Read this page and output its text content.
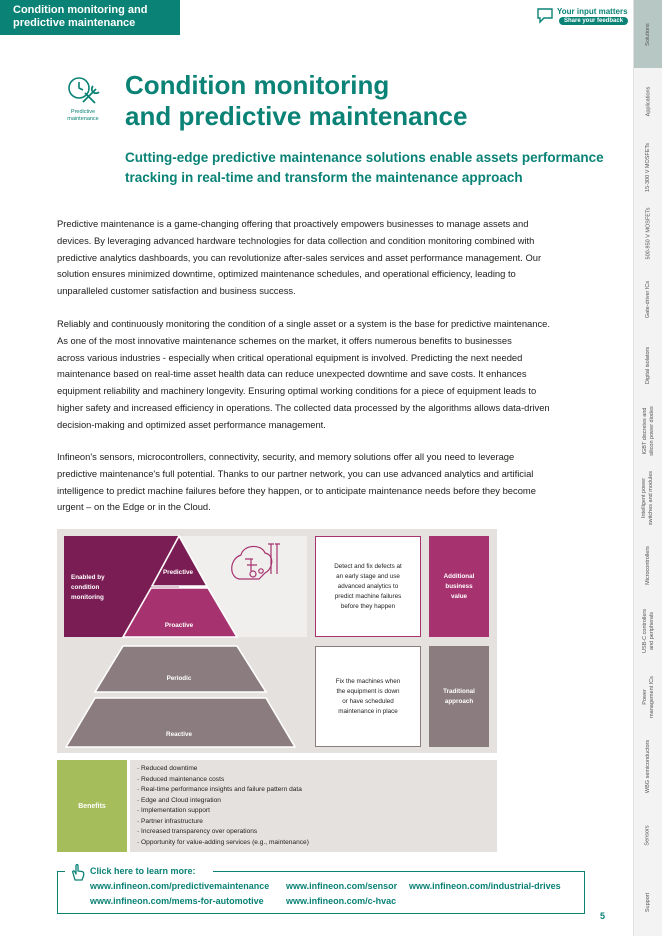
Condition monitoring and
predictive maintenance
Your input matters
Share your feedback
Solutions
Applications
15-300 V MOSFETs
500-950 V MOSFETs
Gate-driver ICs
Digital isolators
IGBT discretes and silicon power diodes
Intelligent power switches and modules
Microcontrollers
USB-C controllers and peripherals
Power management ICs
WBG semiconductors
Sensors
Support
Predictive
maintenance
Condition monitoring
and predictive maintenance
Cutting-edge predictive maintenance solutions enable assets performance
tracking in real-time and transform the maintenance approach
Predictive maintenance is a game-changing offering that proactively empowers businesses to manage assets and
devices. By leveraging advanced hardware technologies for data collection and condition monitoring combined with
predictive analytics dashboards, you can revolutionize after-sales services and asset performance management. Our
solution ensures minimized downtime, optimized maintenance schedules, and operational efficiency, leading to
unparalleled customer satisfaction and business success.
Reliably and continuously monitoring the condition of a single asset or a system is the base for predictive maintenance.
As one of the most innovative maintenance schemes on the market, it offers numerous benefits to businesses
across various industries - especially when critical operational equipment is involved. Predicting the next needed
maintenance based on real-time asset health data can reduce unexpected downtime and save costs. It enhances
equipment reliability and machinery longevity. Ensuring optimal working conditions for a piece of equipment leads to
higher safety and increased efficiency in operations. The collected data processed by the algorithms allows data-driven
decision-making and optimized asset performance management.
Infineon's sensors, microcontrollers, connectivity, security, and memory solutions offer all you need to leverage
predictive maintenance's full potential. Thanks to our partner network, you can use advanced analytics and artificial
intelligence to predict machine failures before they happen, or to anticipate maintenance needs before they become
urgent – on the Edge or in the Cloud.
Enabled by
condition
monitoring
Predictive
Proactive
Periodic
Reactive
Detect and fix defects at
an early stage and use
advanced analytics to
predict machine failures
before they happen
Fix the machines when
the equipment is down
or have scheduled
maintenance in place
Additional
business
value
Traditional
approach
Benefits
- Reduced downtime
- Reduced maintenance costs
- Real-time performance insights and failure pattern data
- Edge and Cloud integration
- Implementation support
- Partner infrastructure
- Increased transparency over operations
- Opportunity for value-adding services (e.g., maintenance)
Click here to learn more:
www.infineon.com/predictivemaintenance www.infineon.com/sensor www.infineon.com/industrial-drives
www.infineon.com/mems-for-automotive www.infineon.com/c-hvac
5
